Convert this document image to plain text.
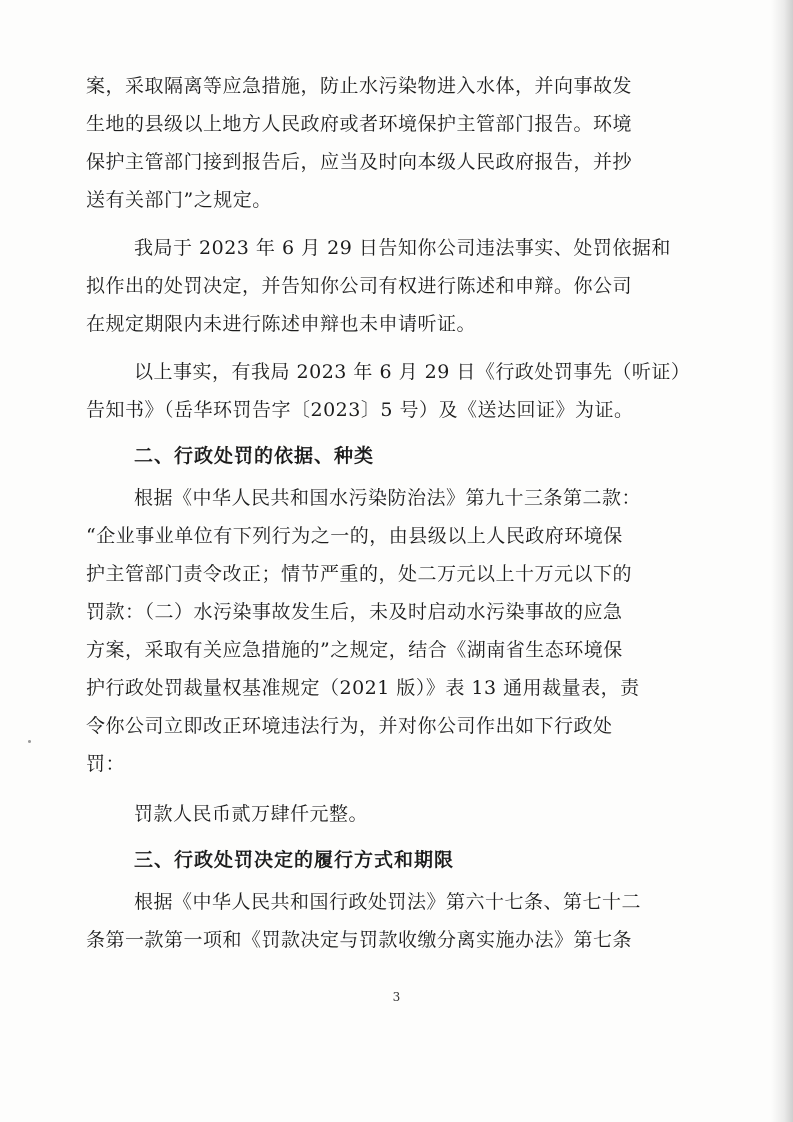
案，采取隔离等应急措施，防止水污染物进入水体，并向事故发
生地的县级以上地方人民政府或者环境保护主管部门报告。环境
保护主管部门接到报告后，应当及时向本级人民政府报告，并抄
送有关部门”之规定。
我局于 2023 年 6 月 29 日告知你公司违法事实、处罚依据和
拟作出的处罚决定，并告知你公司有权进行陈述和申辩。你公司
在规定期限内未进行陈述申辩也未申请听证。
以上事实，有我局 2023 年 6 月 29 日《行政处罚事先（听证）
告知书》（岳华环罚告字〔2023〕5 号）及《送达回证》为证。
二、行政处罚的依据、种类
根据《中华人民共和国水污染防治法》第九十三条第二款：
“企业事业单位有下列行为之一的，由县级以上人民政府环境保
护主管部门责令改正；情节严重的，处二万元以上十万元以下的
罚款：（二）水污染事故发生后，未及时启动水污染事故的应急
方案，采取有关应急措施的”之规定，结合《湖南省生态环境保
护行政处罚裁量权基准规定（2021 版）》表 13 通用裁量表，责
令你公司立即改正环境违法行为，并对你公司作出如下行政处
罚：
罚款人民币贰万肆仟元整。
三、行政处罚决定的履行方式和期限
根据《中华人民共和国行政处罚法》第六十七条、第七十二
条第一款第一项和《罚款决定与罚款收缴分离实施办法》第七条
3
